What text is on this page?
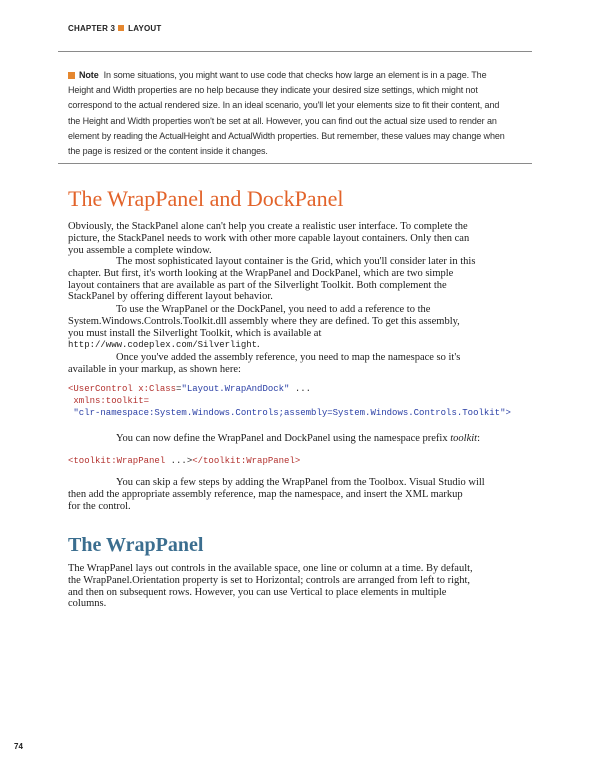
CHAPTER 3 LAYOUT
Note In some situations, you might want to use code that checks how large an element is in a page. The
Height and Width properties are no help because they indicate your desired size settings, which might not
correspond to the actual rendered size. In an ideal scenario, you'll let your elements size to fit their content, and
the Height and Width properties won't be set at all. However, you can find out the actual size used to render an
element by reading the ActualHeight and ActualWidth properties. But remember, these values may change when
the page is resized or the content inside it changes.
The WrapPanel and DockPanel
Obviously, the StackPanel alone can't help you create a realistic user interface. To complete the
picture, the StackPanel needs to work with other more capable layout containers. Only then can
you assemble a complete window.
The most sophisticated layout container is the Grid, which you'll consider later in this
chapter. But first, it's worth looking at the WrapPanel and DockPanel, which are two simple
layout containers that are available as part of the Silverlight Toolkit. Both complement the
StackPanel by offering different layout behavior.
To use the WrapPanel or the DockPanel, you need to add a reference to the
System.Windows.Controls.Toolkit.dll assembly where they are defined. To get this assembly,
you must install the Silverlight Toolkit, which is available at
http://www.codeplex.com/Silverlight.
Once you've added the assembly reference, you need to map the namespace so it's
available in your markup, as shown here:
<UserControl x:Class="Layout.WrapAndDock" ...
xmlns:toolkit=
"clr-namespace:System.Windows.Controls;assembly=System.Windows.Controls.Toolkit">
You can now define the WrapPanel and DockPanel using the namespace prefix toolkit:
<toolkit:WrapPanel ...></toolkit:WrapPanel>
You can skip a few steps by adding the WrapPanel from the Toolbox. Visual Studio will
then add the appropriate assembly reference, map the namespace, and insert the XML markup
for the control.
The WrapPanel
The WrapPanel lays out controls in the available space, one line or column at a time. By default,
the WrapPanel.Orientation property is set to Horizontal; controls are arranged from left to right,
and then on subsequent rows. However, you can use Vertical to place elements in multiple
columns.
74
